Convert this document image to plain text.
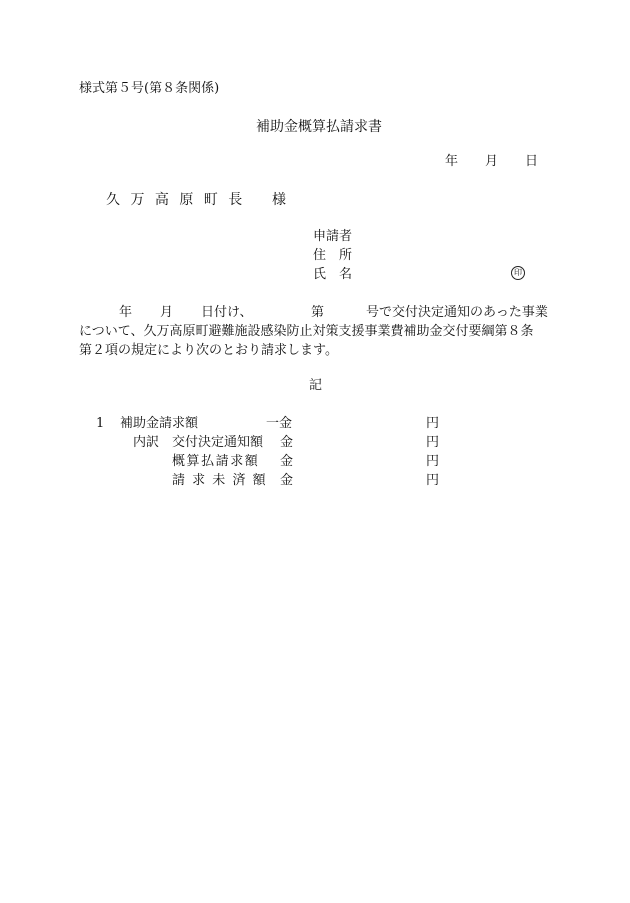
様式第５号(第８条関係)
補助金概算払請求書
年 月 日
久 万 高 原 町 長 様
申請者
住　所
氏　名	印
年 月 日付け、	第	号で交付決定通知のあった事業
について、久万高原町避難施設感染防止対策支援事業費補助金交付要綱第８条
第２項の規定により次のとおり請求します。
記
1 補助金請求額	一金	円
内訳 交付決定通知額 金	円
概算払請求額 金	円
請求未済額 金	円
